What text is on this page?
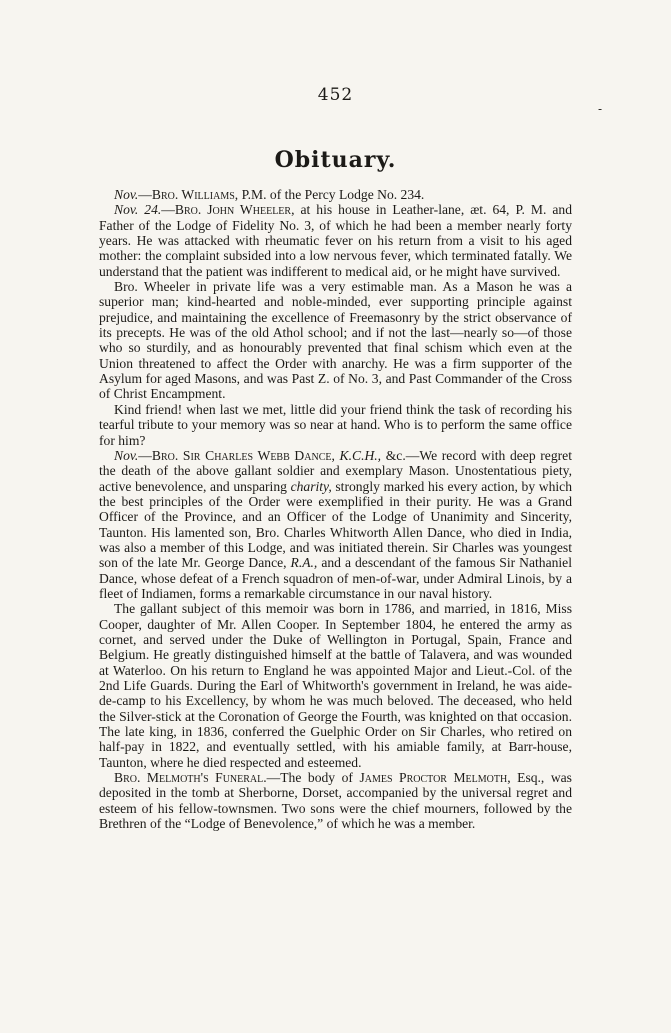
452
-
Obituary.

Nov.—Bro. Williams, P.M. of the Percy Lodge No. 234.

Nov. 24.—Bro. John Wheeler, at his house in Leather-lane, æt. 64, P. M. and Father of the Lodge of Fidelity No. 3, of which he had been a member nearly forty years. He was attacked with rheumatic fever on his return from a visit to his aged mother: the complaint subsided into a low nervous fever, which terminated fatally. We understand that the patient was indifferent to medical aid, or he might have survived.

Bro. Wheeler in private life was a very estimable man. As a Mason he was a superior man; kind-hearted and noble-minded, ever supporting principle against prejudice, and maintaining the excellence of Freemasonry by the strict observance of its precepts. He was of the old Athol school; and if not the last—nearly so—of those who so sturdily, and as honourably prevented that final schism which even at the Union threatened to affect the Order with anarchy. He was a firm supporter of the Asylum for aged Masons, and was Past Z. of No. 3, and Past Commander of the Cross of Christ Encampment.

Kind friend! when last we met, little did your friend think the task of recording his tearful tribute to your memory was so near at hand. Who is to perform the same office for him?

Nov.—Bro. Sir Charles Webb Dance, K.C.H., &c.—We record with deep regret the death of the above gallant soldier and exemplary Mason. Unostentatious piety, active benevolence, and unsparing charity, strongly marked his every action, by which the best principles of the Order were exemplified in their purity. He was a Grand Officer of the Province, and an Officer of the Lodge of Unanimity and Sincerity, Taunton. His lamented son, Bro. Charles Whitworth Allen Dance, who died in India, was also a member of this Lodge, and was initiated therein. Sir Charles was youngest son of the late Mr. George Dance, R.A., and a descendant of the famous Sir Nathaniel Dance, whose defeat of a French squadron of men-of-war, under Admiral Linois, by a fleet of Indiamen, forms a remarkable circumstance in our naval history.

The gallant subject of this memoir was born in 1786, and married, in 1816, Miss Cooper, daughter of Mr. Allen Cooper. In September 1804, he entered the army as cornet, and served under the Duke of Wellington in Portugal, Spain, France and Belgium. He greatly distinguished himself at the battle of Talavera, and was wounded at Waterloo. On his return to England he was appointed Major and Lieut.-Col. of the 2nd Life Guards. During the Earl of Whitworth's government in Ireland, he was aide-de-camp to his Excellency, by whom he was much beloved. The deceased, who held the Silver-stick at the Coronation of George the Fourth, was knighted on that occasion. The late king, in 1836, conferred the Guelphic Order on Sir Charles, who retired on half-pay in 1822, and eventually settled, with his amiable family, at Barr-house, Taunton, where he died respected and esteemed.

Bro. Melmoth's Funeral.—The body of James Proctor Melmoth, Esq., was deposited in the tomb at Sherborne, Dorset, accompanied by the universal regret and esteem of his fellow-townsmen. Two sons were the chief mourners, followed by the Brethren of the “Lodge of Benevolence,” of which he was a member.
